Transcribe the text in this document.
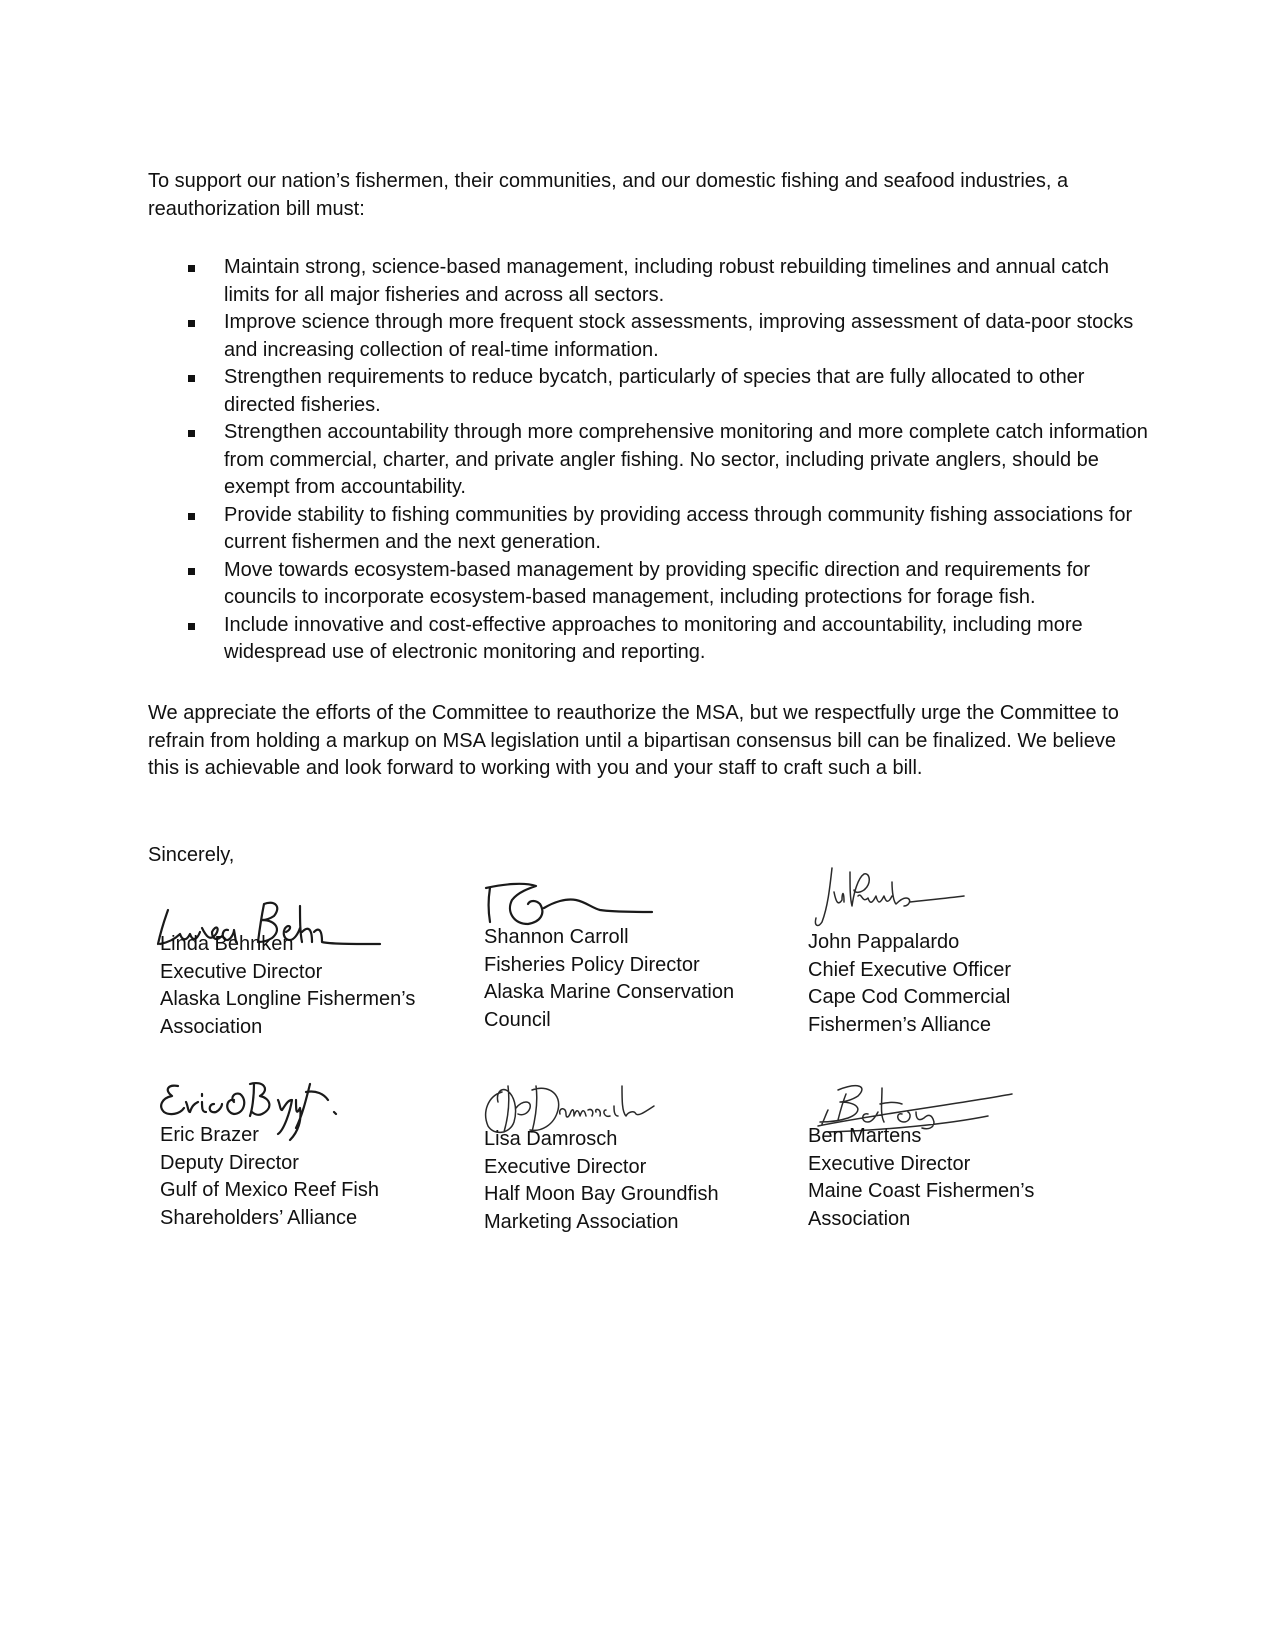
To support our nation’s fishermen, their communities, and our domestic fishing and seafood industries, a reauthorization bill must:

Maintain strong, science-based management, including robust rebuilding timelines and annual catch limits for all major fisheries and across all sectors.
Improve science through more frequent stock assessments, improving assessment of data-poor stocks and increasing collection of real-time information.
Strengthen requirements to reduce bycatch, particularly of species that are fully allocated to other directed fisheries.
Strengthen accountability through more comprehensive monitoring and more complete catch information from commercial, charter, and private angler fishing. No sector, including private anglers, should be exempt from accountability.
Provide stability to fishing communities by providing access through community fishing associations for current fishermen and the next generation.
Move towards ecosystem-based management by providing specific direction and requirements for councils to incorporate ecosystem-based management, including protections for forage fish.
Include innovative and cost-effective approaches to monitoring and accountability, including more widespread use of electronic monitoring and reporting.

We appreciate the efforts of the Committee to reauthorize the MSA, but we respectfully urge the Committee to refrain from holding a markup on MSA legislation until a bipartisan consensus bill can be finalized. We believe this is achievable and look forward to working with you and your staff to craft such a bill.

Sincerely,

Linda Behnken
Executive Director
Alaska Longline Fishermen’s
Association
Shannon Carroll
Fisheries Policy Director
Alaska Marine Conservation
Council
John Pappalardo
Chief Executive Officer
Cape Cod Commercial
Fishermen’s Alliance
Eric Brazer
Deputy Director
Gulf of Mexico Reef Fish
Shareholders’ Alliance
Lisa Damrosch
Executive Director
Half Moon Bay Groundfish
Marketing Association
Ben Martens
Executive Director
Maine Coast Fishermen’s
Association
